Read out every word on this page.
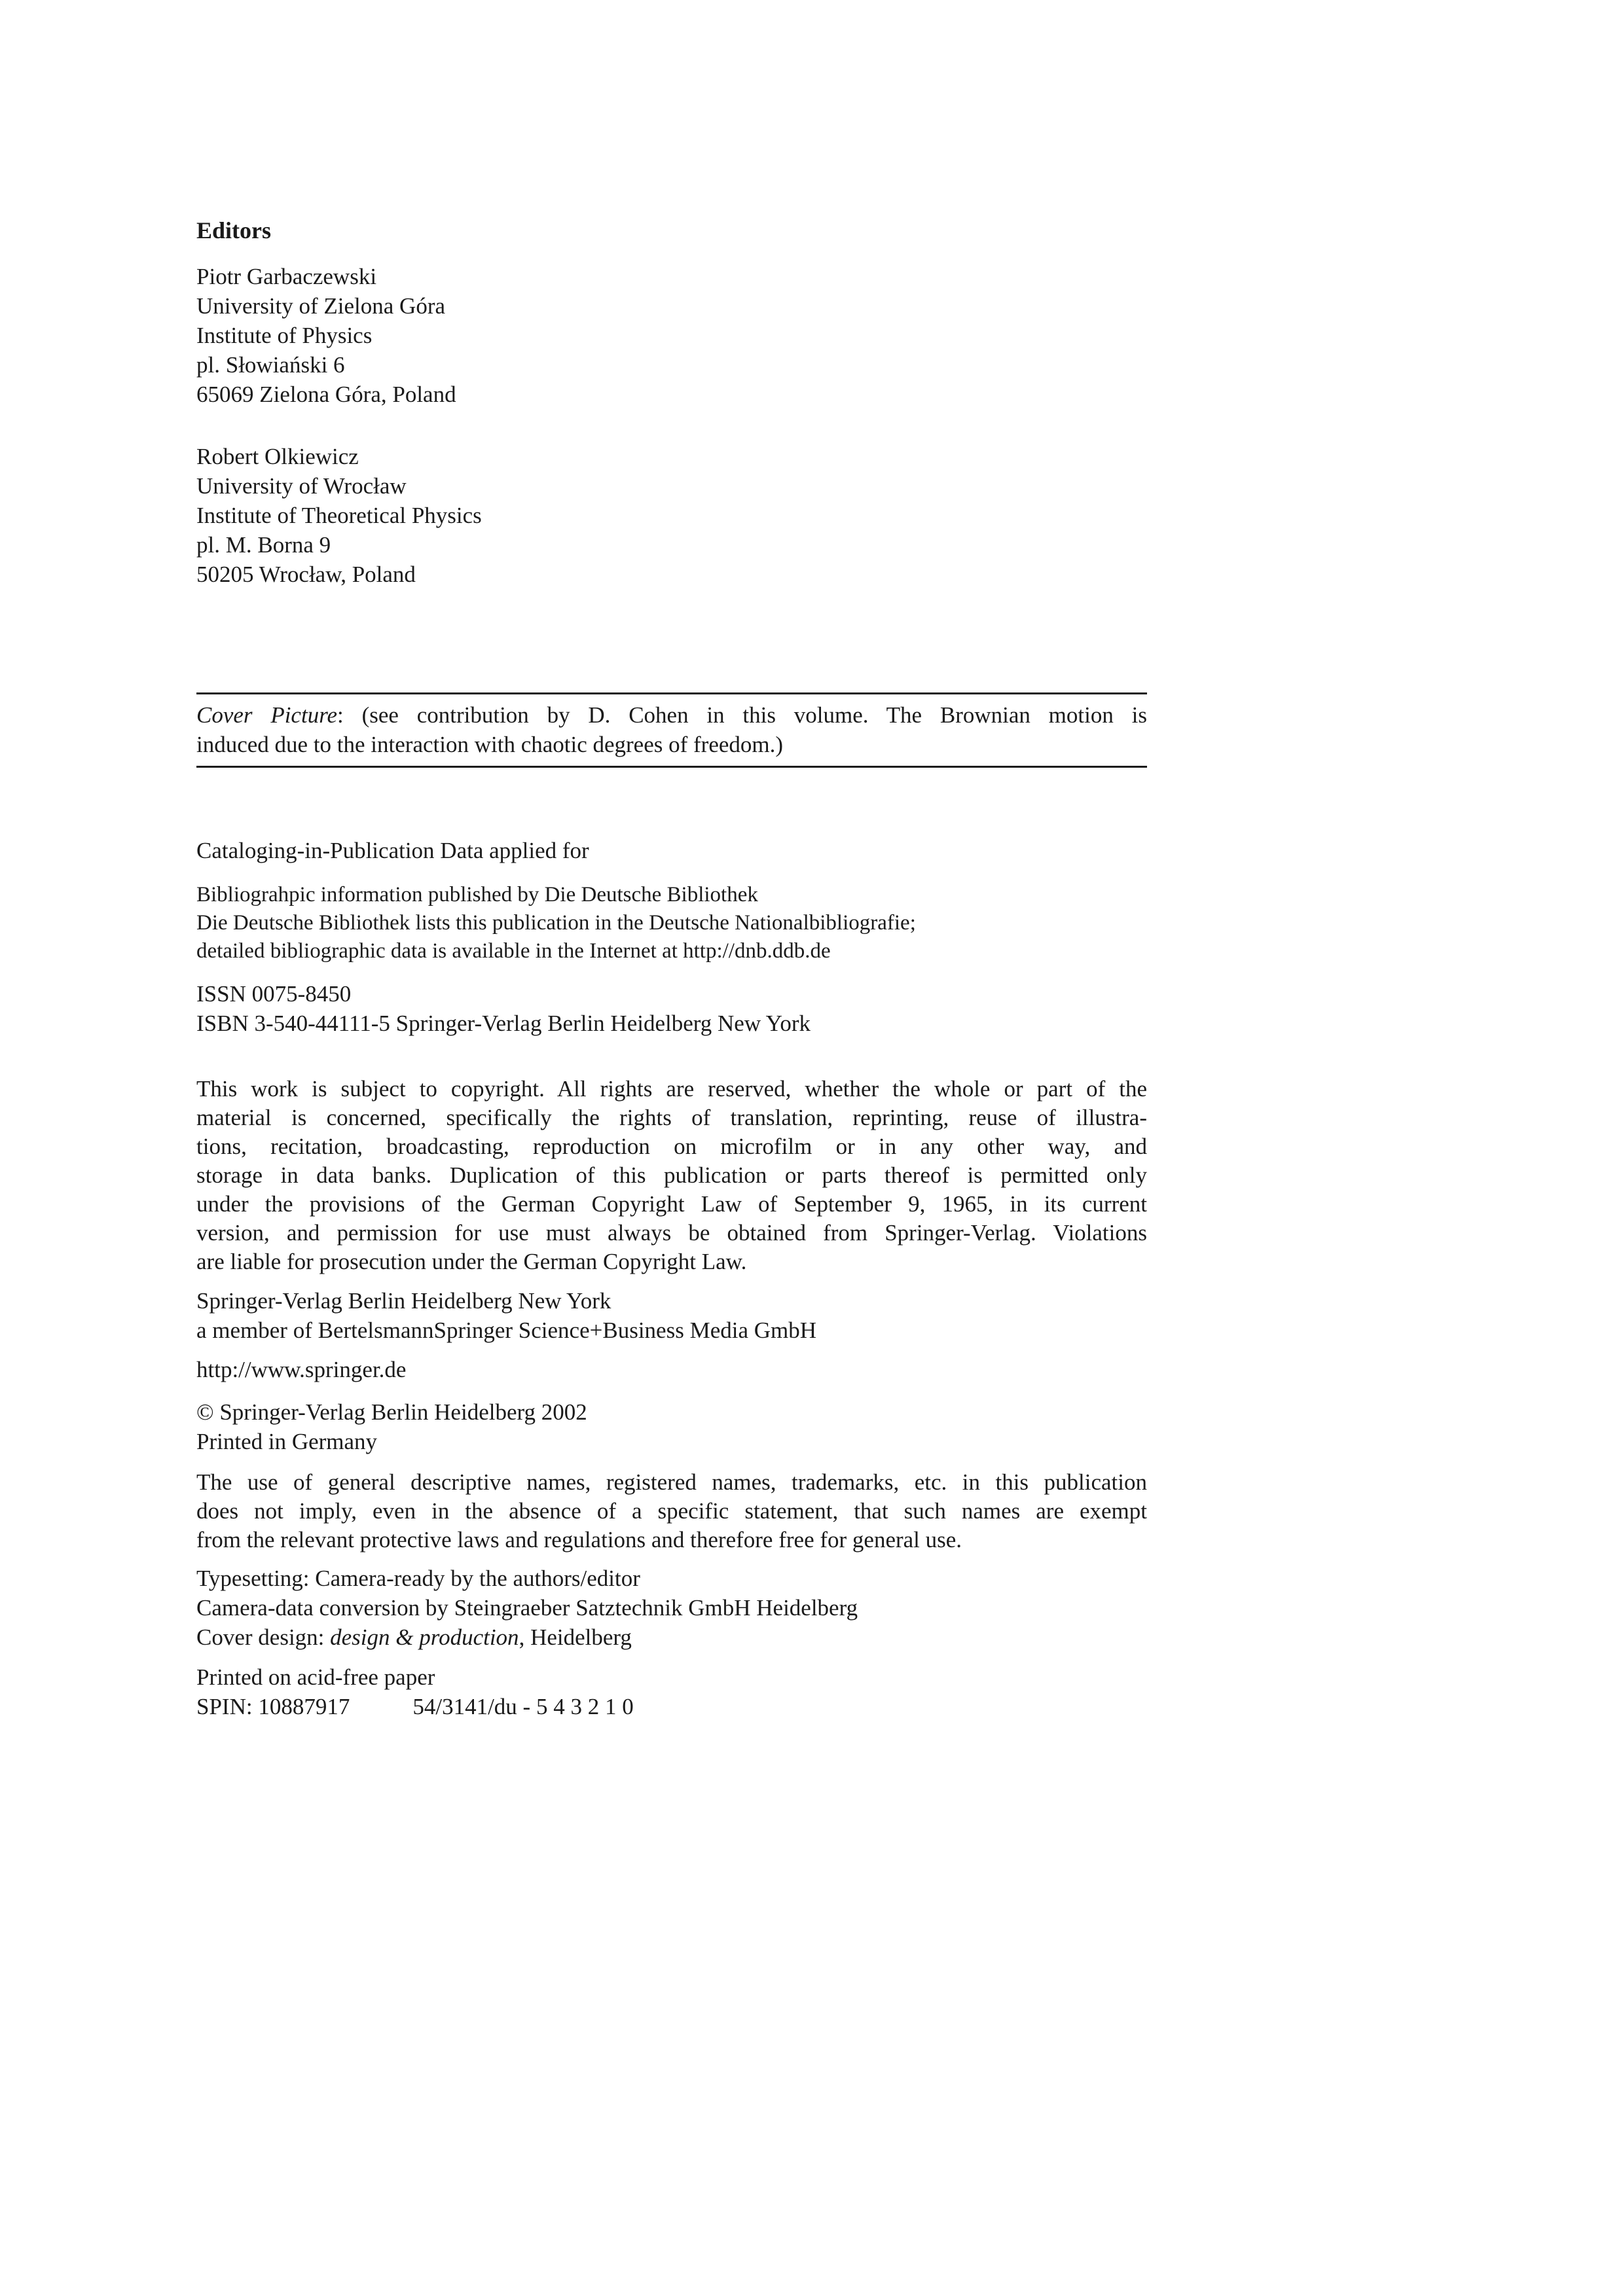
Editors
Piotr Garbaczewski
University of Zielona Góra
Institute of Physics
pl. Słowiański 6
65069 Zielona Góra, Poland
Robert Olkiewicz
University of Wrocław
Institute of Theoretical Physics
pl. M. Borna 9
50205 Wrocław, Poland
Cover Picture: (see contribution by D. Cohen in this volume. The Brownian motion is
induced due to the interaction with chaotic degrees of freedom.)
Cataloging-in-Publication Data applied for
Bibliograhpic information published by Die Deutsche Bibliothek
Die Deutsche Bibliothek lists this publication in the Deutsche Nationalbibliografie;
detailed bibliographic data is available in the Internet at http://dnb.ddb.de
ISSN 0075-8450
ISBN 3-540-44111-5 Springer-Verlag Berlin Heidelberg New York
This work is subject to copyright. All rights are reserved, whether the whole or part of the
material is concerned, specifically the rights of translation, reprinting, reuse of illustra-
tions, recitation, broadcasting, reproduction on microfilm or in any other way, and
storage in data banks. Duplication of this publication or parts thereof is permitted only
under the provisions of the German Copyright Law of September 9, 1965, in its current
version, and permission for use must always be obtained from Springer-Verlag. Violations
are liable for prosecution under the German Copyright Law.
Springer-Verlag Berlin Heidelberg New York
a member of BertelsmannSpringer Science+Business Media GmbH
http://www.springer.de
© Springer-Verlag Berlin Heidelberg 2002
Printed in Germany
The use of general descriptive names, registered names, trademarks, etc. in this publication
does not imply, even in the absence of a specific statement, that such names are exempt
from the relevant protective laws and regulations and therefore free for general use.
Typesetting: Camera-ready by the authors/editor
Camera-data conversion by Steingraeber Satztechnik GmbH Heidelberg
Cover design: design & production, Heidelberg
Printed on acid-free paper
SPIN: 10887917	54/3141/du - 5 4 3 2 1 0
